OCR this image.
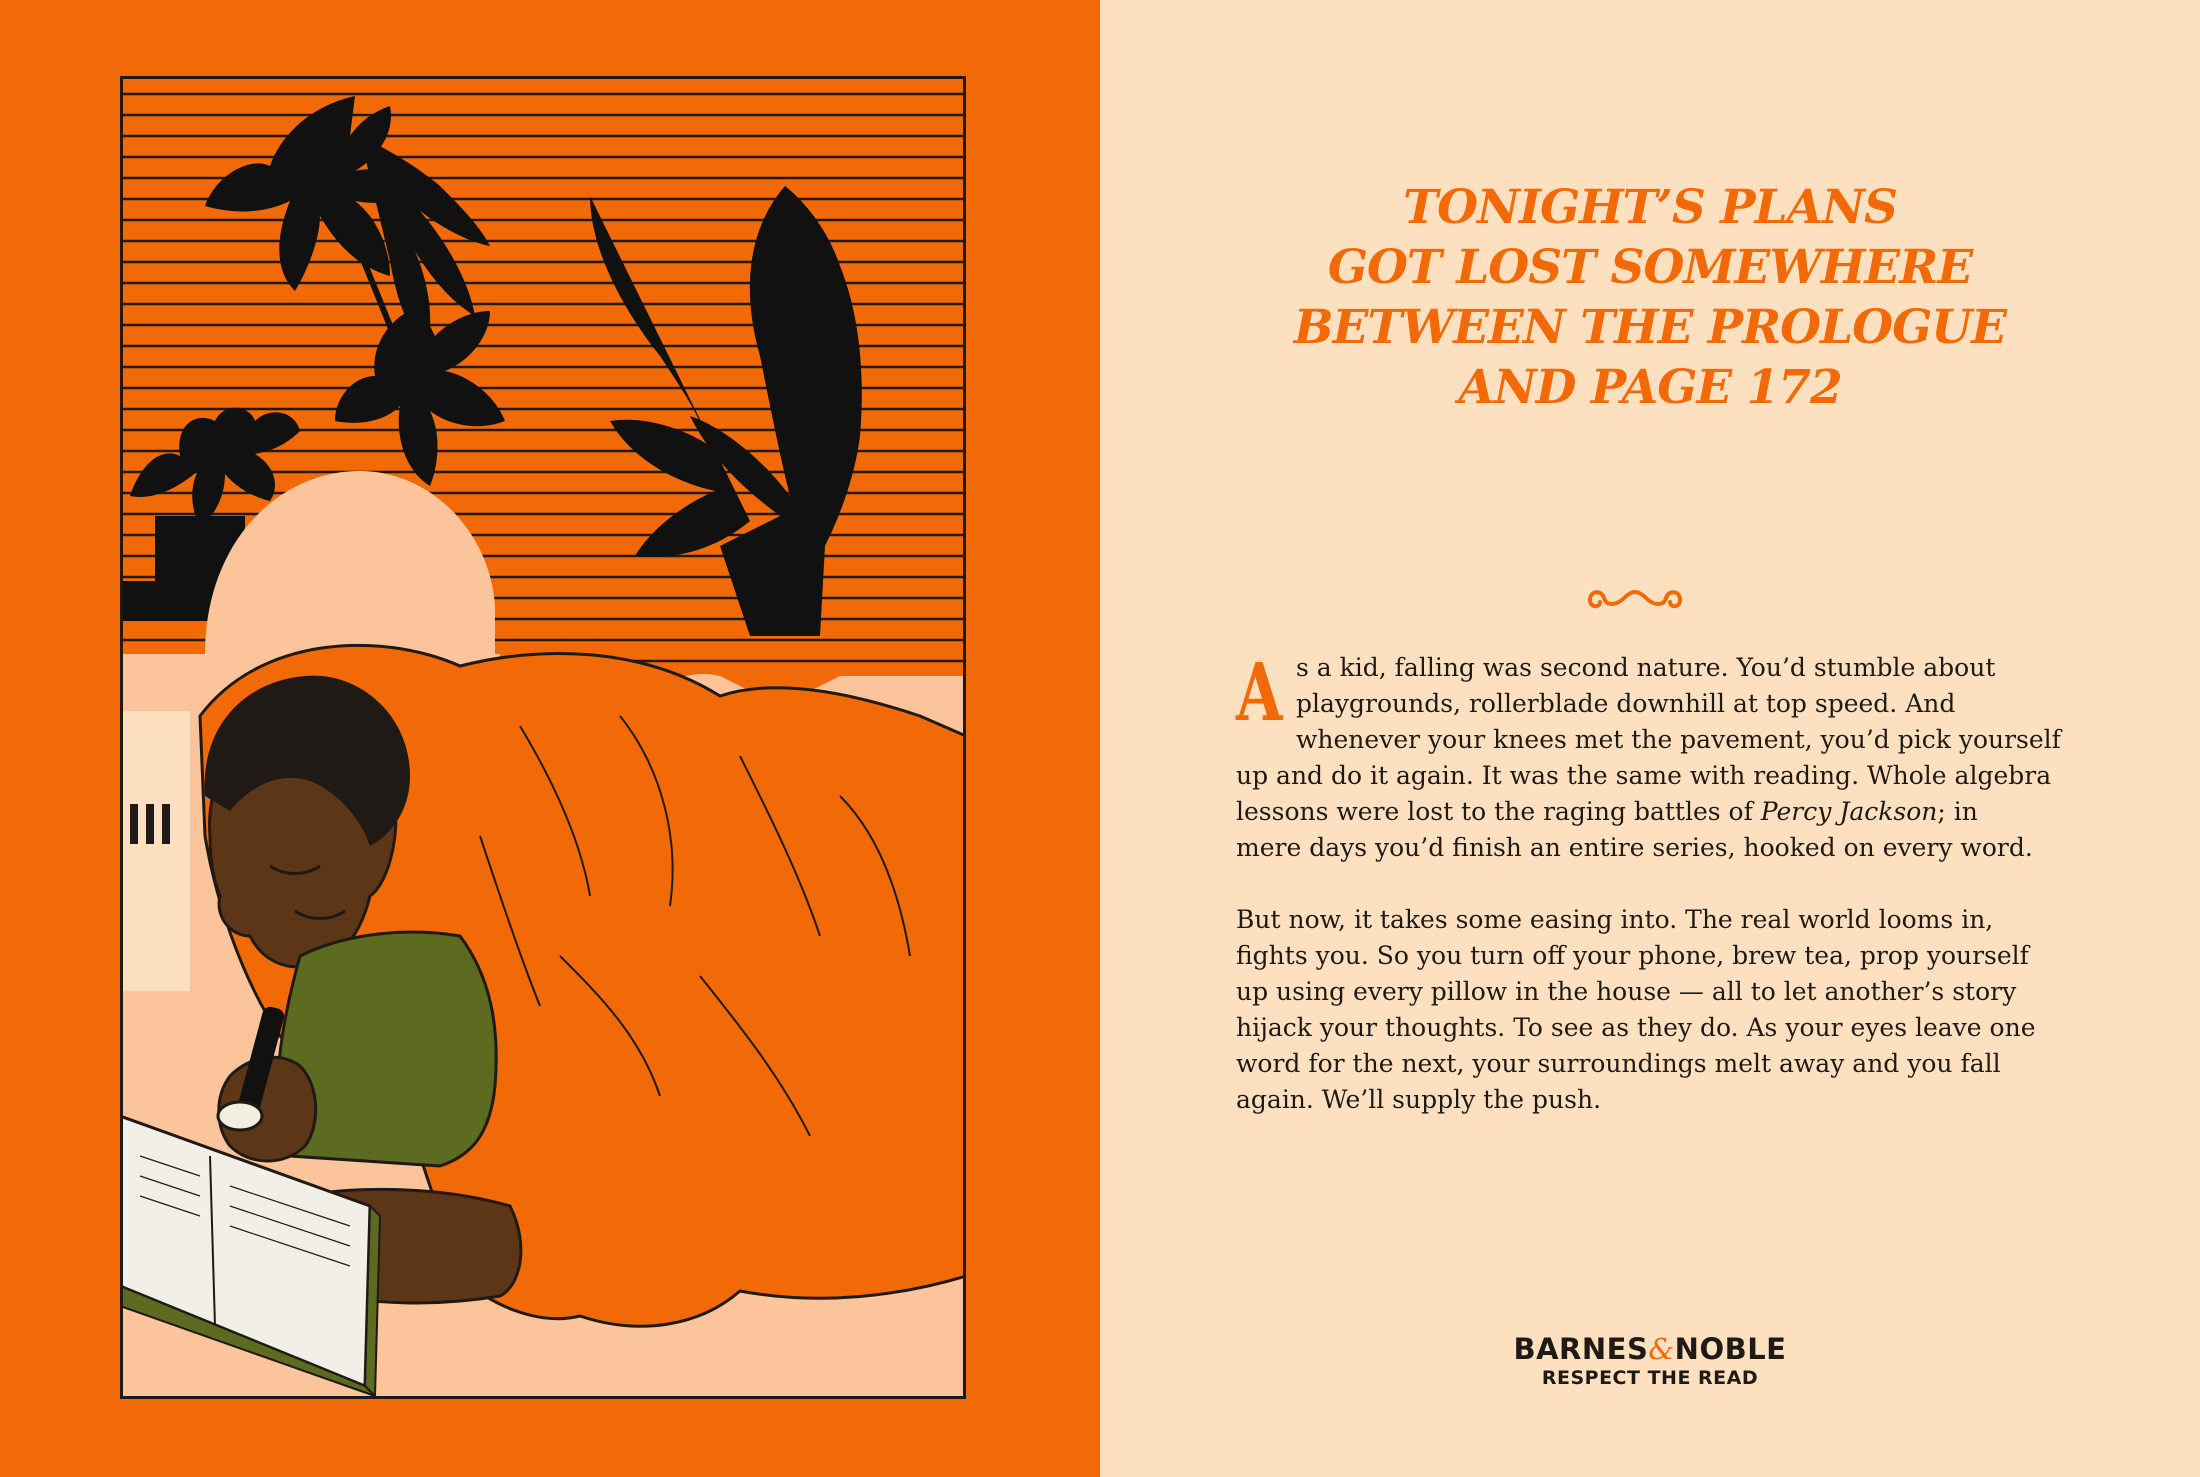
TONIGHT’S PLANS
GOT LOST SOMEWHERE
BETWEEN THE PROLOGUE
AND PAGE 172

A s a kid, falling was second nature. You’d stumble about
playgrounds, rollerblade downhill at top speed. And
whenever your knees met the pavement, you’d pick yourself
up and do it again. It was the same with reading. Whole algebra
lessons were lost to the raging battles of Percy Jackson; in
mere days you’d finish an entire series, hooked on every word.

But now, it takes some easing into. The real world looms in,
fights you. So you turn off your phone, brew tea, prop yourself
up using every pillow in the house — all to let another’s story
hijack your thoughts. To see as they do. As your eyes leave one
word for the next, your surroundings melt away and you fall
again. We’ll supply the push.

BARNES&NOBLE
RESPECT THE READ
